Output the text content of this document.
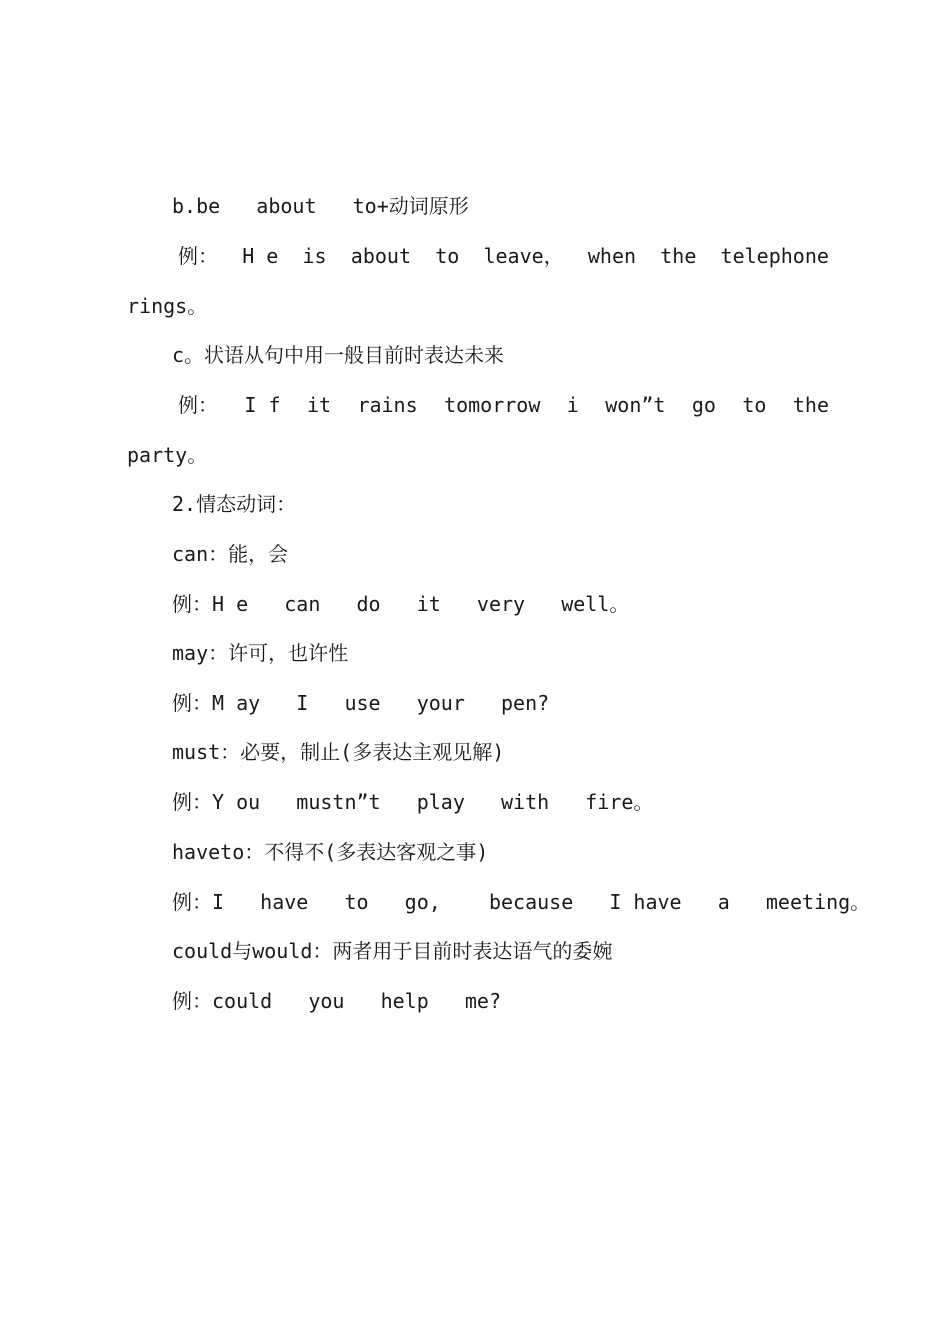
b.be   about   to+动词原形

例： H e is about to leave， when the telephone

rings。

c。状语从句中用一般目前时表达未来

例： I f it rains tomorrow i won”t go to the

party。

2.情态动词：

can：能，会

例：H e   can   do   it   very   well。

may：许可，也许性

例：M ay   I   use   your   pen?

must：必要，制止(多表达主观见解)

例：Y ou   mustn”t   play   with   fire。

haveto：不得不(多表达客观之事)

例：I   have   to   go,    because   I have   a   meeting。

could与would：两者用于目前时表达语气的委婉

例：could   you   help   me?
